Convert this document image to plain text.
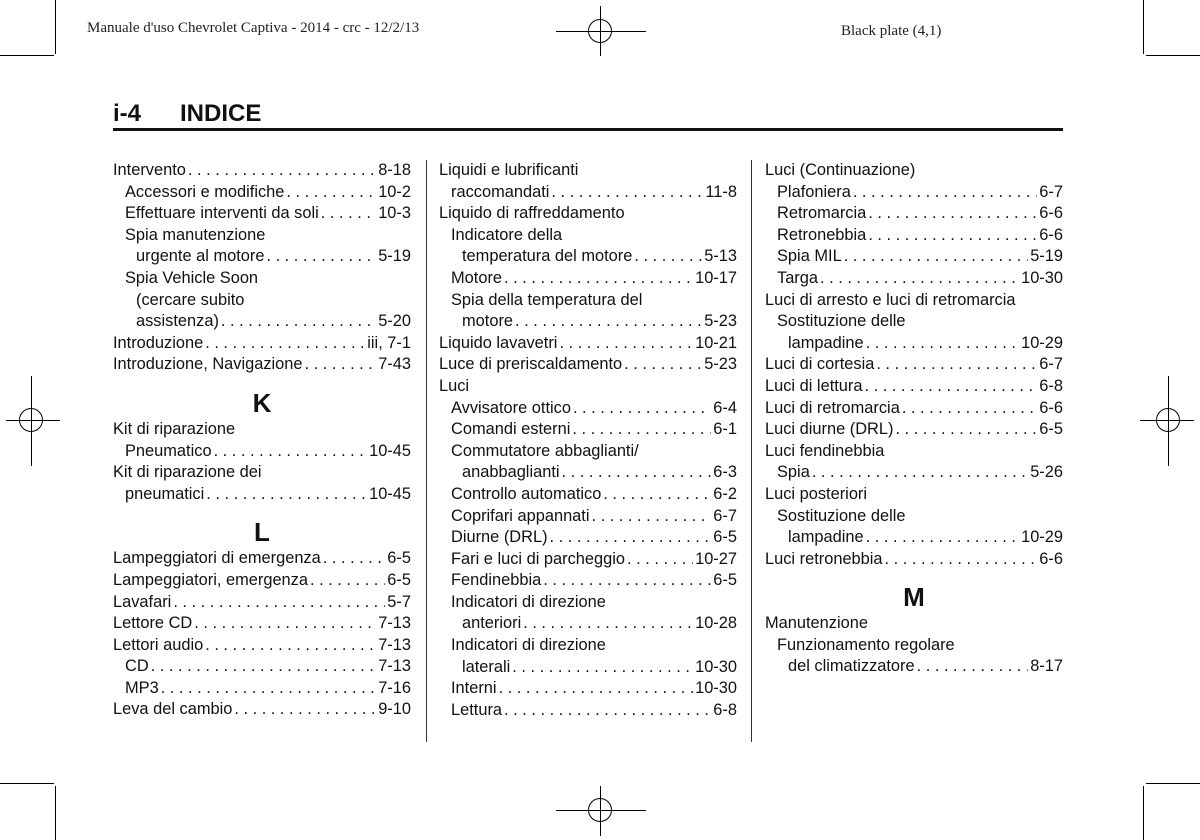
Manuale d'uso Chevrolet Captiva - 2014 - crc - 12/2/13	Black plate (4,1)
i-4 INDICE
Intervento . . .	8-18
Accessori e modifiche . . .	10-2
Effettuare interventi da soli . . .	10-3
Spia manutenzione
urgente al motore . . .	5-19
Spia Vehicle Soon
(cercare subito
assistenza) . . .	5-20
Introduzione . . .	iii, 7-1
Introduzione, Navigazione . . .	7-43
K
Kit di riparazione
Pneumatico . . .	10-45
Kit di riparazione dei
pneumatici . . .	10-45
L
Lampeggiatori di emergenza . . .	6-5
Lampeggiatori, emergenza . . .	6-5
Lavafari . . .	5-7
Lettore CD . . .	7-13
Lettori audio . . .	7-13
CD . . .	7-13
MP3 . . .	7-16
Leva del cambio . . .	9-10
Liquidi e lubrificanti
raccomandati . . .	11-8
Liquido di raffreddamento
Indicatore della
temperatura del motore . . .	5-13
Motore . . .	10-17
Spia della temperatura del
motore . . .	5-23
Liquido lavavetri . . .	10-21
Luce di preriscaldamento . . .	5-23
Luci
Avvisatore ottico . . .	6-4
Comandi esterni . . .	6-1
Commutatore abbaglianti/
anabbaglianti . . .	6-3
Controllo automatico . . .	6-2
Coprifari appannati . . .	6-7
Diurne (DRL) . . .	6-5
Fari e luci di parcheggio . . .	10-27
Fendinebbia . . .	6-5
Indicatori di direzione
anteriori . . .	10-28
Indicatori di direzione
laterali . . .	10-30
Interni . . .	10-30
Lettura . . .	6-8
Luci (Continuazione)
Plafoniera . . .	6-7
Retromarcia . . .	6-6
Retronebbia . . .	6-6
Spia MIL . . .	5-19
Targa . . .	10-30
Luci di arresto e luci di retromarcia
Sostituzione delle
lampadine . . .	10-29
Luci di cortesia . . .	6-7
Luci di lettura . . .	6-8
Luci di retromarcia . . .	6-6
Luci diurne (DRL) . . .	6-5
Luci fendinebbia
Spia . . .	5-26
Luci posteriori
Sostituzione delle
lampadine . . .	10-29
Luci retronebbia . . .	6-6
M
Manutenzione
Funzionamento regolare
del climatizzatore . . .	8-17
